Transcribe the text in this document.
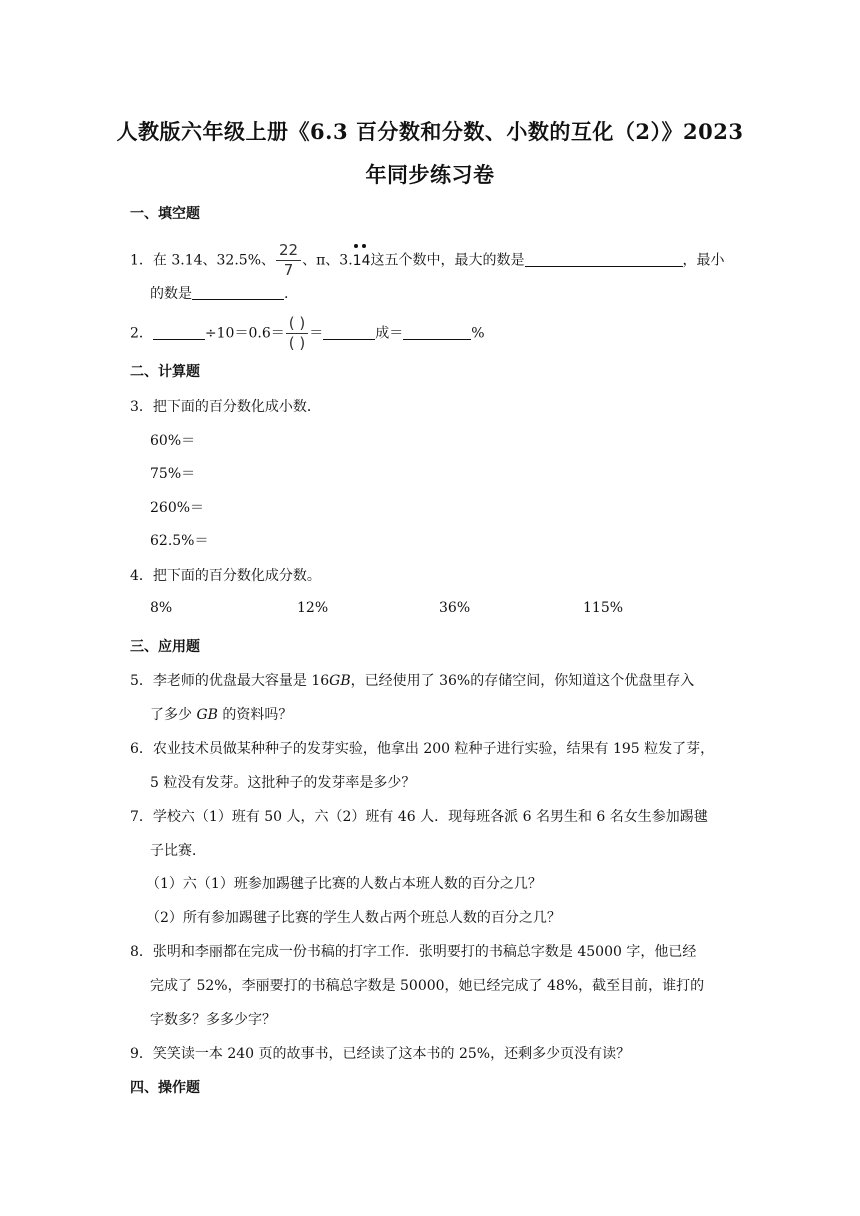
人教版六年级上册《6.3 百分数和分数、小数的互化（2）》2023
年同步练习卷
一、填空题
1．在 3.14、32.5%、 $\frac{22}{7}$ 、π、3.
14这五个数中，最大的数是	，最小
的数是	.
2．	$\div 10=0.6= \frac{( )}{( )}$ ＝	成＝	%
二、计算题
3．把下面的百分数化成小数．
60%＝
75%＝
260%＝
62.5%＝
4．把下面的百分数化成分数。
8%	12%	36%	115%
三、应用题
5．李老师的优盘最大容量是 16GB，已经使用了 36%的存储空间，你知道这个优盘里存入
了多少 GB 的资料吗？
6．农业技术员做某种种子的发芽实验，他拿出 200 粒种子进行实验，结果有 195 粒发了芽，
5 粒没有发芽。这批种子的发芽率是多少？
7．学校六（1）班有 50 人，六（2）班有 46 人．现每班各派 6 名男生和 6 名女生参加踢毽
子比赛．
（1）六（1）班参加踢毽子比赛的人数占本班人数的百分之几？
（2）所有参加踢毽子比赛的学生人数占两个班总人数的百分之几？
8．张明和李丽都在完成一份书稿的打字工作．张明要打的书稿总字数是 45000 字，他已经
完成了 52%，李丽要打的书稿总字数是 50000，她已经完成了 48%，截至目前，谁打的
字数多？多多少字？
9．笑笑读一本 240 页的故事书，已经读了这本书的 25%，还剩多少页没有读？
四、操作题
